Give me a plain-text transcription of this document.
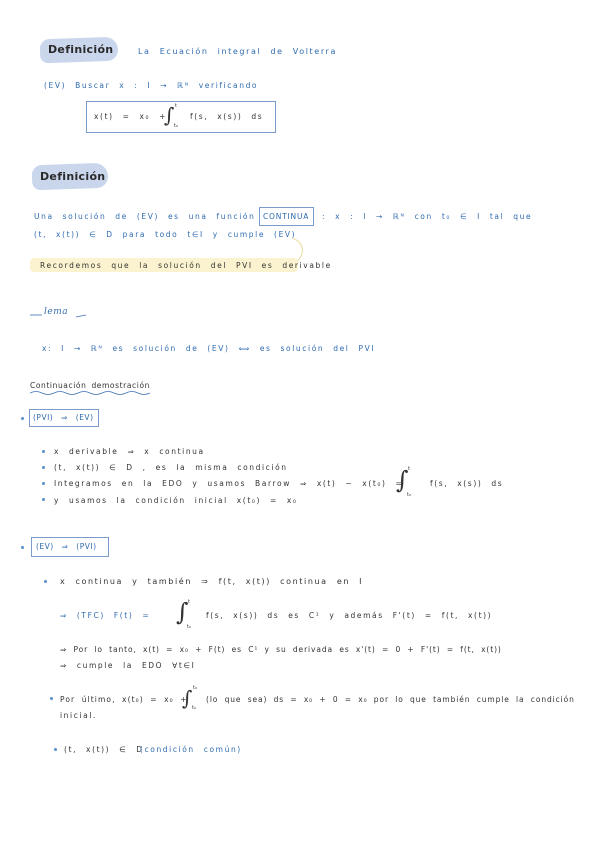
Definición	La Ecuación integral de Volterra
(EV) Buscar x : I → ℝᴺ verificando
x(t) = x₀ +
∫ t
t₀
f(s, x(s)) ds
Definición
Una solución de (EV) es una función CONTINUA : x : I → ℝᴺ con t₀ ∈ I tal que
(t, x(t)) ∈ D para todo t∈I y cumple (EV)
Recordemos que la solución del PVI es derivable
lema
x: I → ℝᴺ es solución de (EV) ⟺ es solución del PVI
Continuación demostración
(PVI) ⇒ (EV)
x derivable ⇒ x continua
(t, x(t)) ∈ D , es la misma condición
Integramos en la EDO y usamos Barrow ⇒ x(t) − x(t₀) =
∫ t
t₀
f(s, x(s)) ds
y usamos la condición inicial x(t₀) = x₀
(EV) ⇒ (PVI)
x continua y también ⇒ f(t, x(t)) continua en I
⇒ (TFC) F(t) = ∫ t
t₀
f(s, x(s)) ds es C¹ y además F'(t) = f(t, x(t))
⇒ Por lo tanto, x(t) = x₀ + F(t) es C¹ y su derivada es x'(t) = 0 + F'(t) = f(t, x(t))
⇒ cumple la EDO ∀t∈I
Por último, x(t₀) = x₀ +
∫ t₀
t₀
(lo que sea) ds = x₀ + 0 = x₀ por lo que también cumple la condición
inicial.
(t, x(t)) ∈ D
(condición común)
